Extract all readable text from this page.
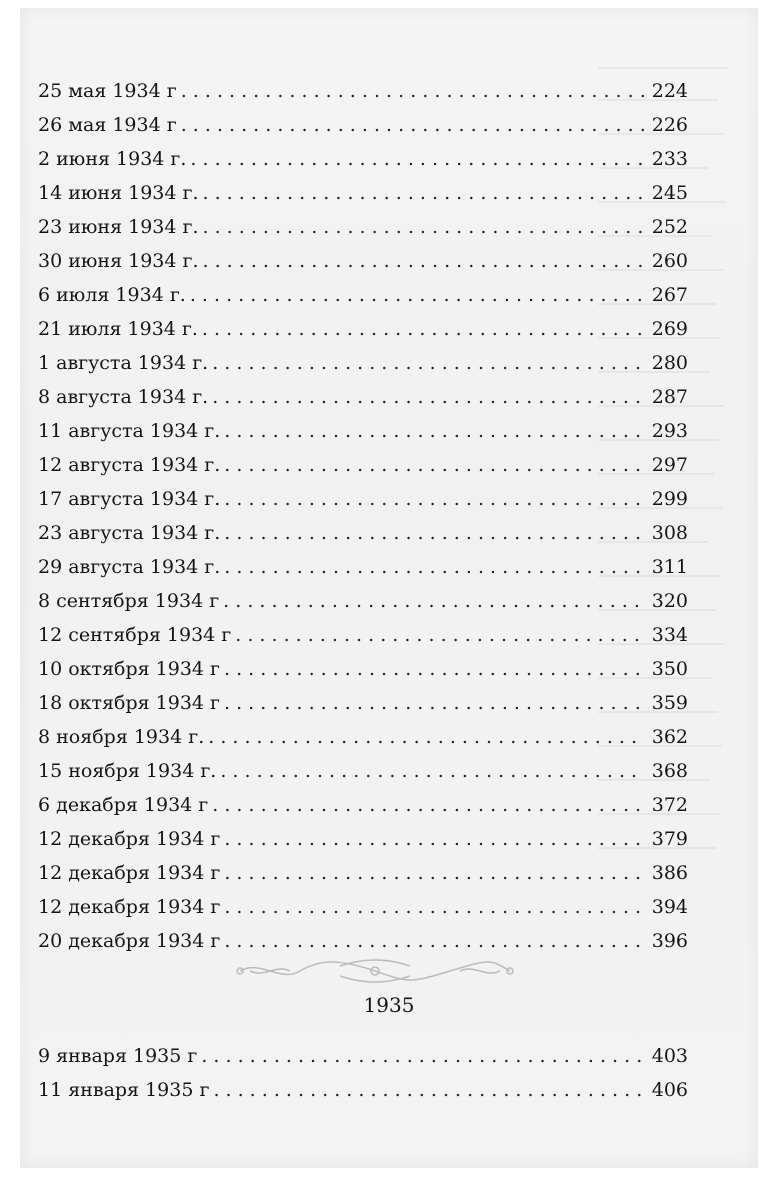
25 мая 1934 г . . .	224
26 мая 1934 г . . .	226
2 июня 1934 г. . . .	233
14 июня 1934 г. . . .	245
23 июня 1934 г. . . .	252
30 июня 1934 г. . . .	260
6 июля 1934 г. . . .	267
21 июля 1934 г. . . .	269
1 августа 1934 г. . . .	280
8 августа 1934 г. . . .	287
11 августа 1934 г. . . .	293
12 августа 1934 г. . . .	297
17 августа 1934 г. . . .	299
23 августа 1934 г. . . .	308
29 августа 1934 г. . . .	311
8 сентября 1934 г . . .	320
12 сентября 1934 г . . .	334
10 октября 1934 г . . .	350
18 октября 1934 г . . .	359
8 ноября 1934 г. . . .	362
15 ноября 1934 г. . . .	368
6 декабря 1934 г . . .	372
12 декабря 1934 г . . .	379
12 декабря 1934 г . . .	386
12 декабря 1934 г . . .	394
20 декабря 1934 г . . .	396
1935
9 января 1935 г . . .	403
11 января 1935 г . . .	406
